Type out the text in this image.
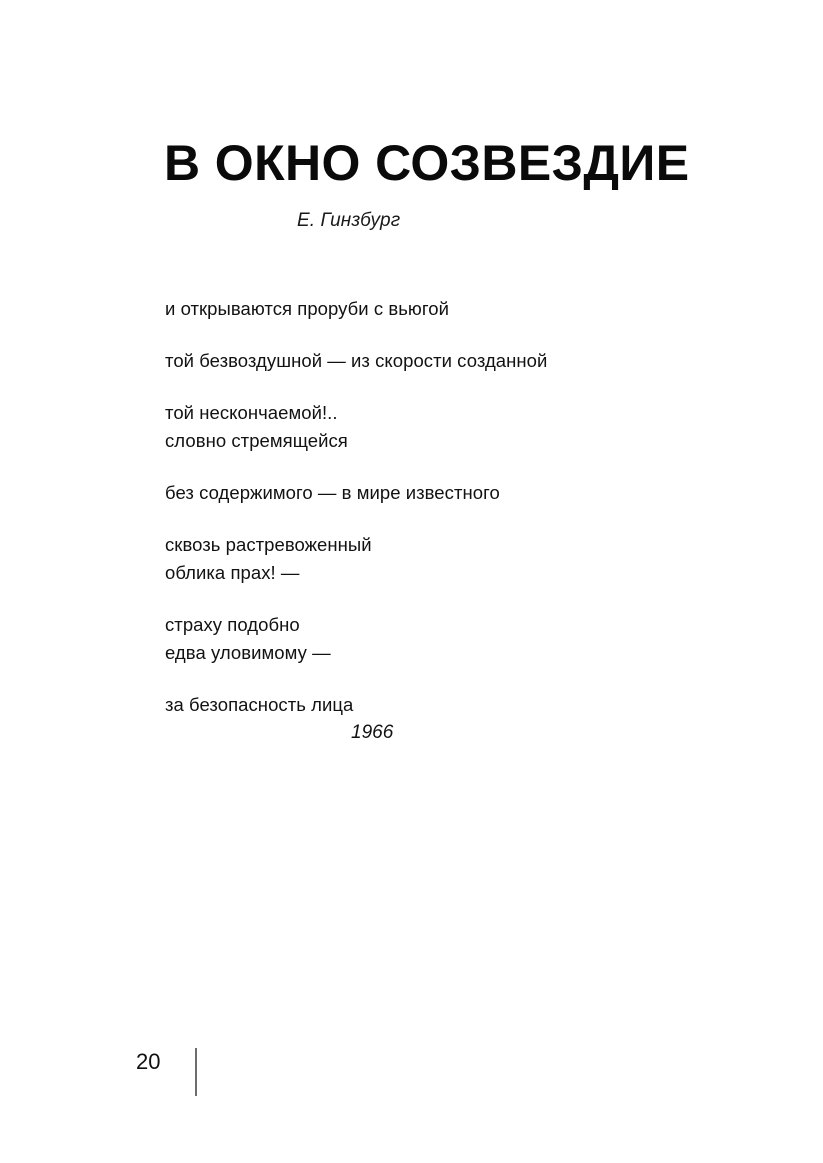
В ОКНО СОЗВЕЗДИЕ
Е. Гинзбург
и открываются проруби с вьюгой
той безвоздушной — из скорости созданной
той нескончаемой!..
словно стремящейся
без содержимого — в мире известного
сквозь растревоженный
облика прах! —
страху подобно
едва уловимому —
за безопасность лица
1966
20
